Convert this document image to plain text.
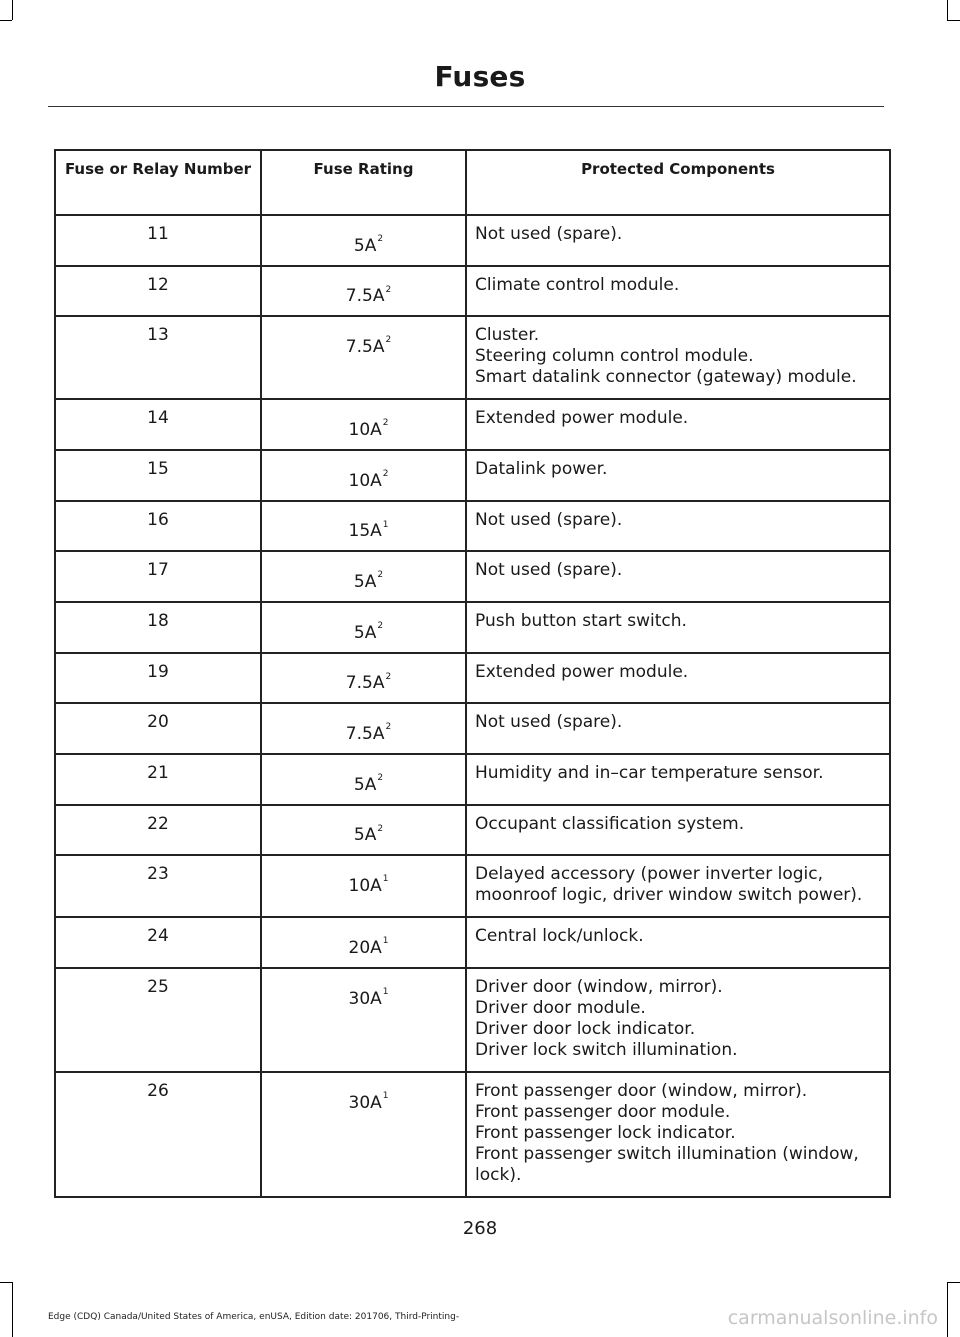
Fuses
Fuse or Relay Number	Fuse Rating	Protected Components
11	$5A^2$	Not used (spare).

12	$7.5A^2$	Climate control module.

13	$7.5A^2$	Cluster.
Steering column control module.
Smart datalink connector (gateway) module.

14	$10A^2$	Extended power module.

15	$10A^2$	Datalink power.

16	$15A^1$	Not used (spare).

17	$5A^2$	Not used (spare).

18	$5A^2$	Push button start switch.

19	$7.5A^2$	Extended power module.

20	$7.5A^2$	Not used (spare).

21	$5A^2$	Humidity and in–car temperature sensor.

22	$5A^2$	Occupant classification system.

23	$10A^1$	Delayed accessory (power inverter logic, moonroof logic, driver window switch power).

24	$20A^1$	Central lock/unlock.

25	$30A^1$	Driver door (window, mirror).
Driver door module.
Driver door lock indicator.
Driver lock switch illumination.

26	$30A^1$	Front passenger door (window, mirror).
Front passenger door module.
Front passenger lock indicator.
Front passenger switch illumination (window, lock).
268
Edge (CDQ) Canada/United States of America, enUSA, Edition date: 201706, Third-Printing-	carmanualsonline.info
